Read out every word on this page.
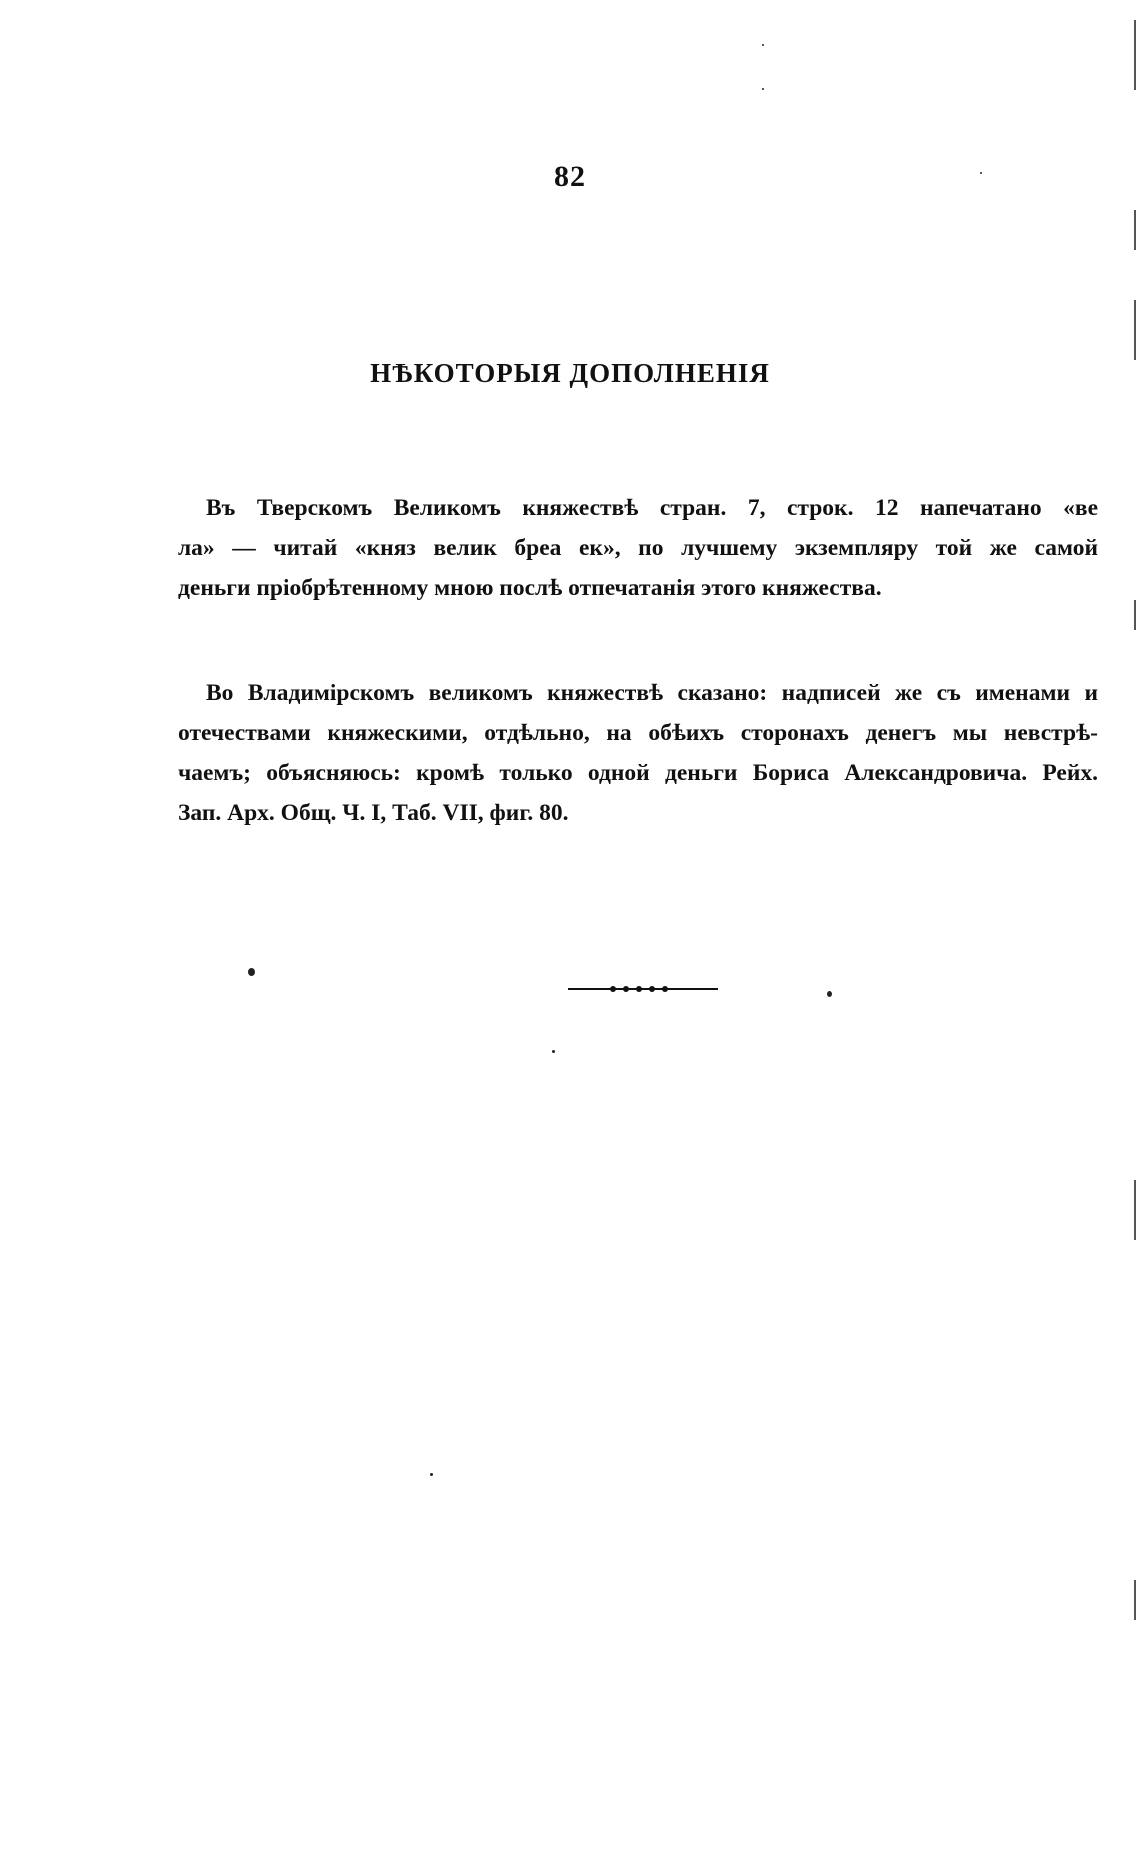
82
НѢКОТОРЫЯ ДОПОЛНЕНІЯ
Въ Тверскомъ Великомъ княжествѣ стран. 7, строк. 12 напечатано «ве
ла» — читай «княз велик бреа ек», по лучшему экземпляру той же самой
деньги пріобрѣтенному мною послѣ отпечатанія этого княжества.
Во Владимірскомъ великомъ княжествѣ сказано: надписей же съ именами и
отечествами княжескими, отдѣльно, на обѣихъ сторонахъ денегъ мы невстрѣ-
чаемъ; объясняюсь: кромѣ только одной деньги Бориса Александровича. Рейх.
Зап. Арх. Общ. Ч. I, Таб. VII, фиг. 80.
